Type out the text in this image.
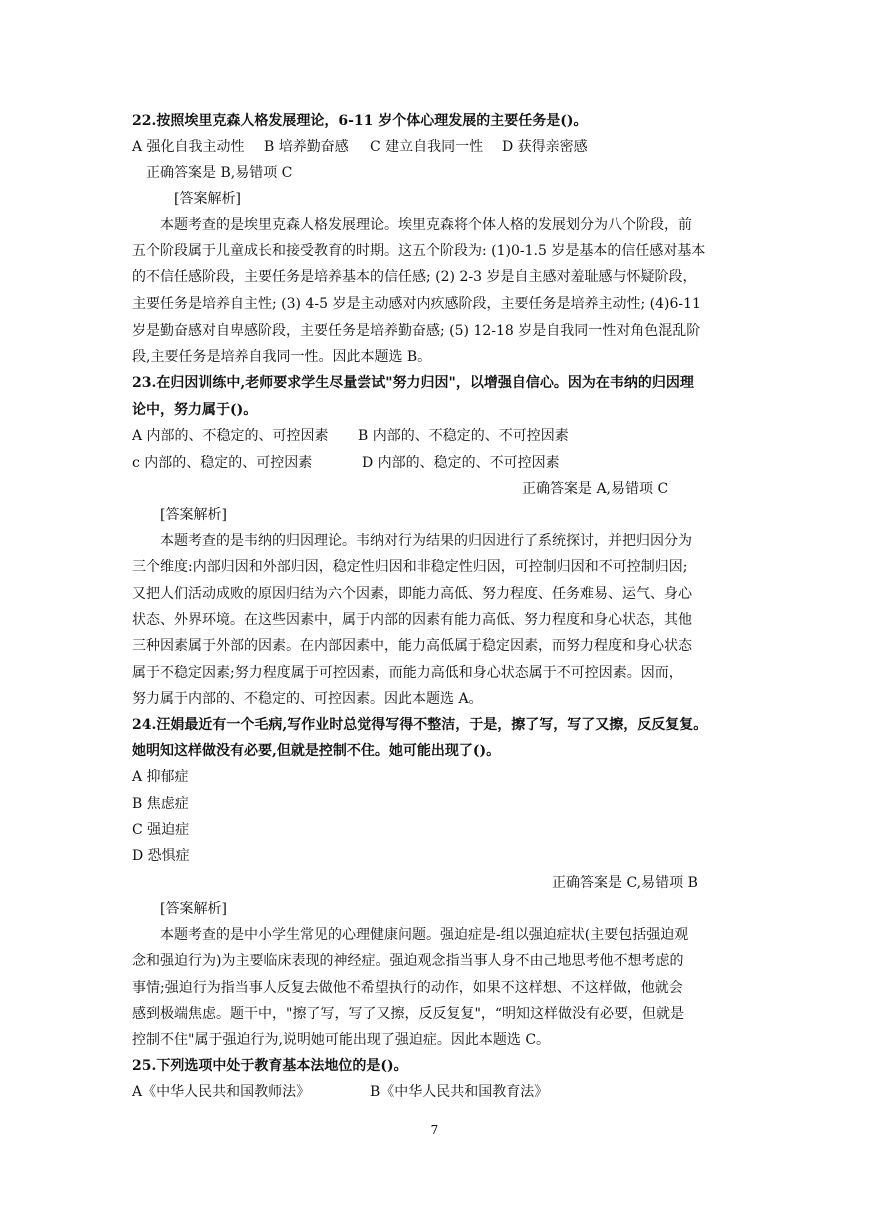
22.按照埃里克森人格发展理论，6-11 岁个体心理发展的主要任务是()。
A 强化自我主动性 B 培养勤奋感 C 建立自我同一性 D 获得亲密感
正确答案是 B,易错项 C
[答案解析]
本题考查的是埃里克森人格发展理论。埃里克森将个体人格的发展划分为八个阶段，前
五个阶段属于儿童成长和接受教育的时期。这五个阶段为: (1)0-1.5 岁是基本的信任感对基本
的不信任感阶段，主要任务是培养基本的信任感; (2) 2-3 岁是自主感对羞耻感与怀疑阶段，
主要任务是培养自主性; (3) 4-5 岁是主动感对内疚感阶段，主要任务是培养主动性; (4)6-11
岁是勤奋感对自卑感阶段，主要任务是培养勤奋感; (5) 12-18 岁是自我同一性对角色混乱阶
段,主要任务是培养自我同一性。因此本题选 B。
23.在归因训练中,老师要求学生尽量尝试"努力归因"，以增强自信心。因为在韦纳的归因理
论中，努力属于()。
A 内部的、不稳定的、可控因素 B 内部的、不稳定的、不可控因素
c 内部的、稳定的、可控因素	D 内部的、稳定的、不可控因素
正确答案是 A,易错项 C
[答案解析]
本题考查的是韦纳的归因理论。韦纳对行为结果的归因进行了系统探讨，并把归因分为
三个维度:内部归因和外部归因，稳定性归因和非稳定性归因，可控制归因和不可控制归因;
又把人们活动成败的原因归结为六个因素，即能力高低、努力程度、任务难易、运气、身心
状态、外界环境。在这些因素中，属于内部的因素有能力高低、努力程度和身心状态，其他
三种因素属于外部的因素。在内部因素中，能力高低属于稳定因素，而努力程度和身心状态
属于不稳定因素;努力程度属于可控因素，而能力高低和身心状态属于不可控因素。因而，
努力属于内部的、不稳定的、可控因素。因此本题选 A。
24.汪娟最近有一个毛病,写作业时总觉得写得不整洁，于是，擦了写，写了又擦，反反复复。
她明知这样做没有必要,但就是控制不住。她可能出现了()。
A 抑郁症
B 焦虑症
C 强迫症
D 恐惧症
正确答案是 C,易错项 B
[答案解析]
本题考查的是中小学生常见的心理健康问题。强迫症是-组以强迫症状(主要包括强迫观
念和强迫行为)为主要临床表现的神经症。强迫观念指当事人身不由己地思考他不想考虑的
事情;强迫行为指当事人反复去做他不希望执行的动作，如果不这样想、不这样做，他就会
感到极端焦虑。题干中，"擦了写，写了又擦，反反复复"，“明知这样做没有必要，但就是
控制不住"属于强迫行为,说明她可能出现了强迫症。因此本题选 C。
25.下列选项中处于教育基本法地位的是()。
A《中华人民共和国教师法》	B《中华人民共和国教育法》
7
